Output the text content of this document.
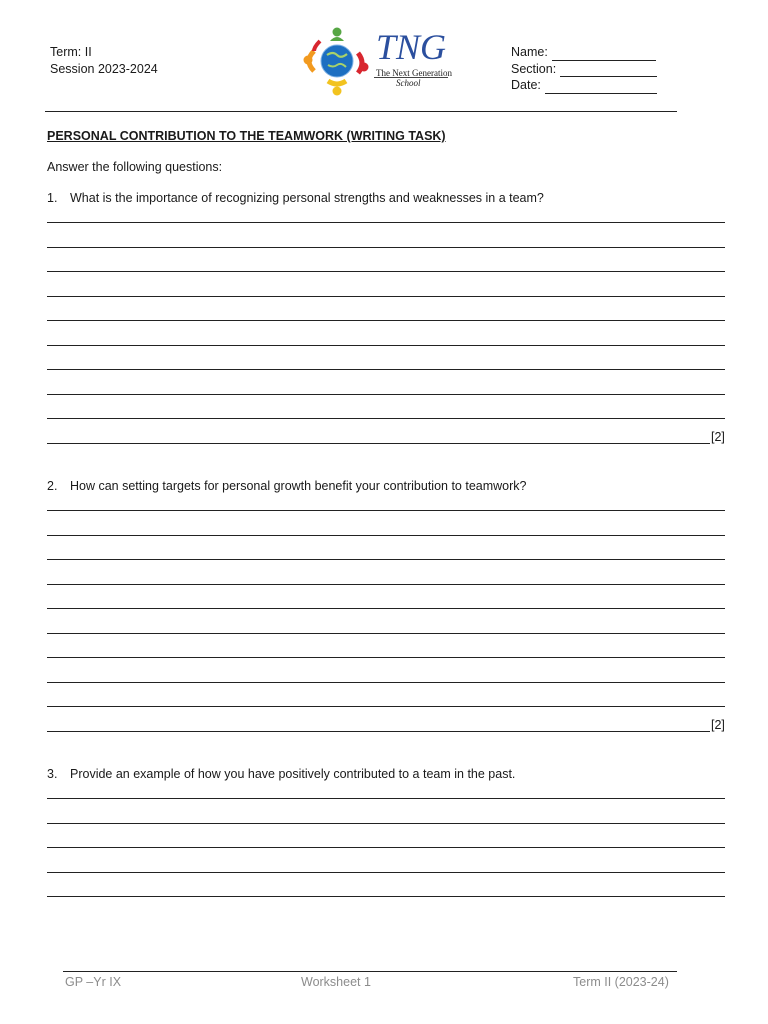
Term: II
Session 2023-2024
TNG
The Next Generation
School
Name:
Section:
Date:
PERSONAL CONTRIBUTION TO THE TEAMWORK (WRITING TASK)
Answer the following questions:
1.	What is the importance of recognizing personal strengths and weaknesses in a team?
[2]
2.	How can setting targets for personal growth benefit your contribution to teamwork?
[2]
3.	Provide an example of how you have positively contributed to a team in the past.
GP –Yr IX	Worksheet 1	Term II (2023-24)
